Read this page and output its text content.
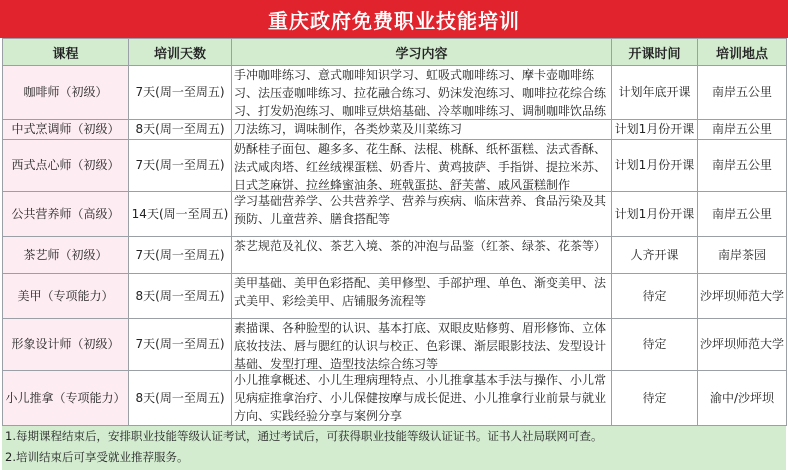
重庆政府免费职业技能培训
课程	培训天数	学习内容	开课时间	培训地点
咖啡师（初级）	7天(周一至周五)	手冲咖啡练习、意式咖啡知识学习、虹吸式咖啡练习、摩卡壶咖啡练习、法压壶咖啡练习、拉花融合练习、奶沫发泡练习、咖啡拉花综合练习、打发奶泡练习、咖啡豆烘焙基础、冷萃咖啡练习、调制咖啡饮品练	计划年底开课	南岸五公里
中式烹调师（初级）	8天(周一至周五)	刀法练习，调味制作，各类炒菜及川菜练习	计划1月份开课	南岸五公里
西式点心师（初级）	7天(周一至周五)	奶酥桂子面包、趣多多、花生酥、法棍、桃酥、纸杯蛋糕、法式香酥、法式咸肉塔、红丝绒裸蛋糕、奶香片、黄鸡披萨、手指饼、提拉米苏、日式芝麻饼、拉丝蜂蜜油条、班戟蛋挞、舒芙蕾、戚风蛋糕制作	计划1月份开课	南岸五公里
公共营养师（高级）	14天(周一至周五)	学习基础营养学、公共营养学、营养与疾病、临床营养、食品污染及其预防、儿童营养、膳食搭配等	计划1月份开课	南岸五公里
茶艺师（初级）	7天(周一至周五)	茶艺规范及礼仪、茶艺入境、茶的冲泡与品鉴（红茶、绿茶、花茶等）	人齐开课	南岸茶园
美甲（专项能力）	8天(周一至周五)	美甲基础、美甲色彩搭配、美甲修型、手部护理、单色、渐变美甲、法式美甲、彩绘美甲、店铺服务流程等	待定	沙坪坝师范大学
形象设计师（初级）	7天(周一至周五)	素描课、各种脸型的认识、基本打底、双眼皮贴修剪、眉形修饰、立体底妆技法、唇与腮红的认识与校正、色彩课、渐层眼影技法、发型设计基础、发型打理、造型技法综合练习等	待定	沙坪坝师范大学
小儿推拿（专项能力）	8天(周一至周五)	小儿推拿概述、小儿生理病理特点、小儿推拿基本手法与操作、小儿常见病症推拿治疗、小儿保健按摩与成长促进、小儿推拿行业前景与就业方向、实践经验分享与案例分享	待定	渝中/沙坪坝
1.每期课程结束后，安排职业技能等级认证考试，通过考试后，可获得职业技能等级认证证书。证书人社局联网可查。
2.培训结束后可享受就业推荐服务。
